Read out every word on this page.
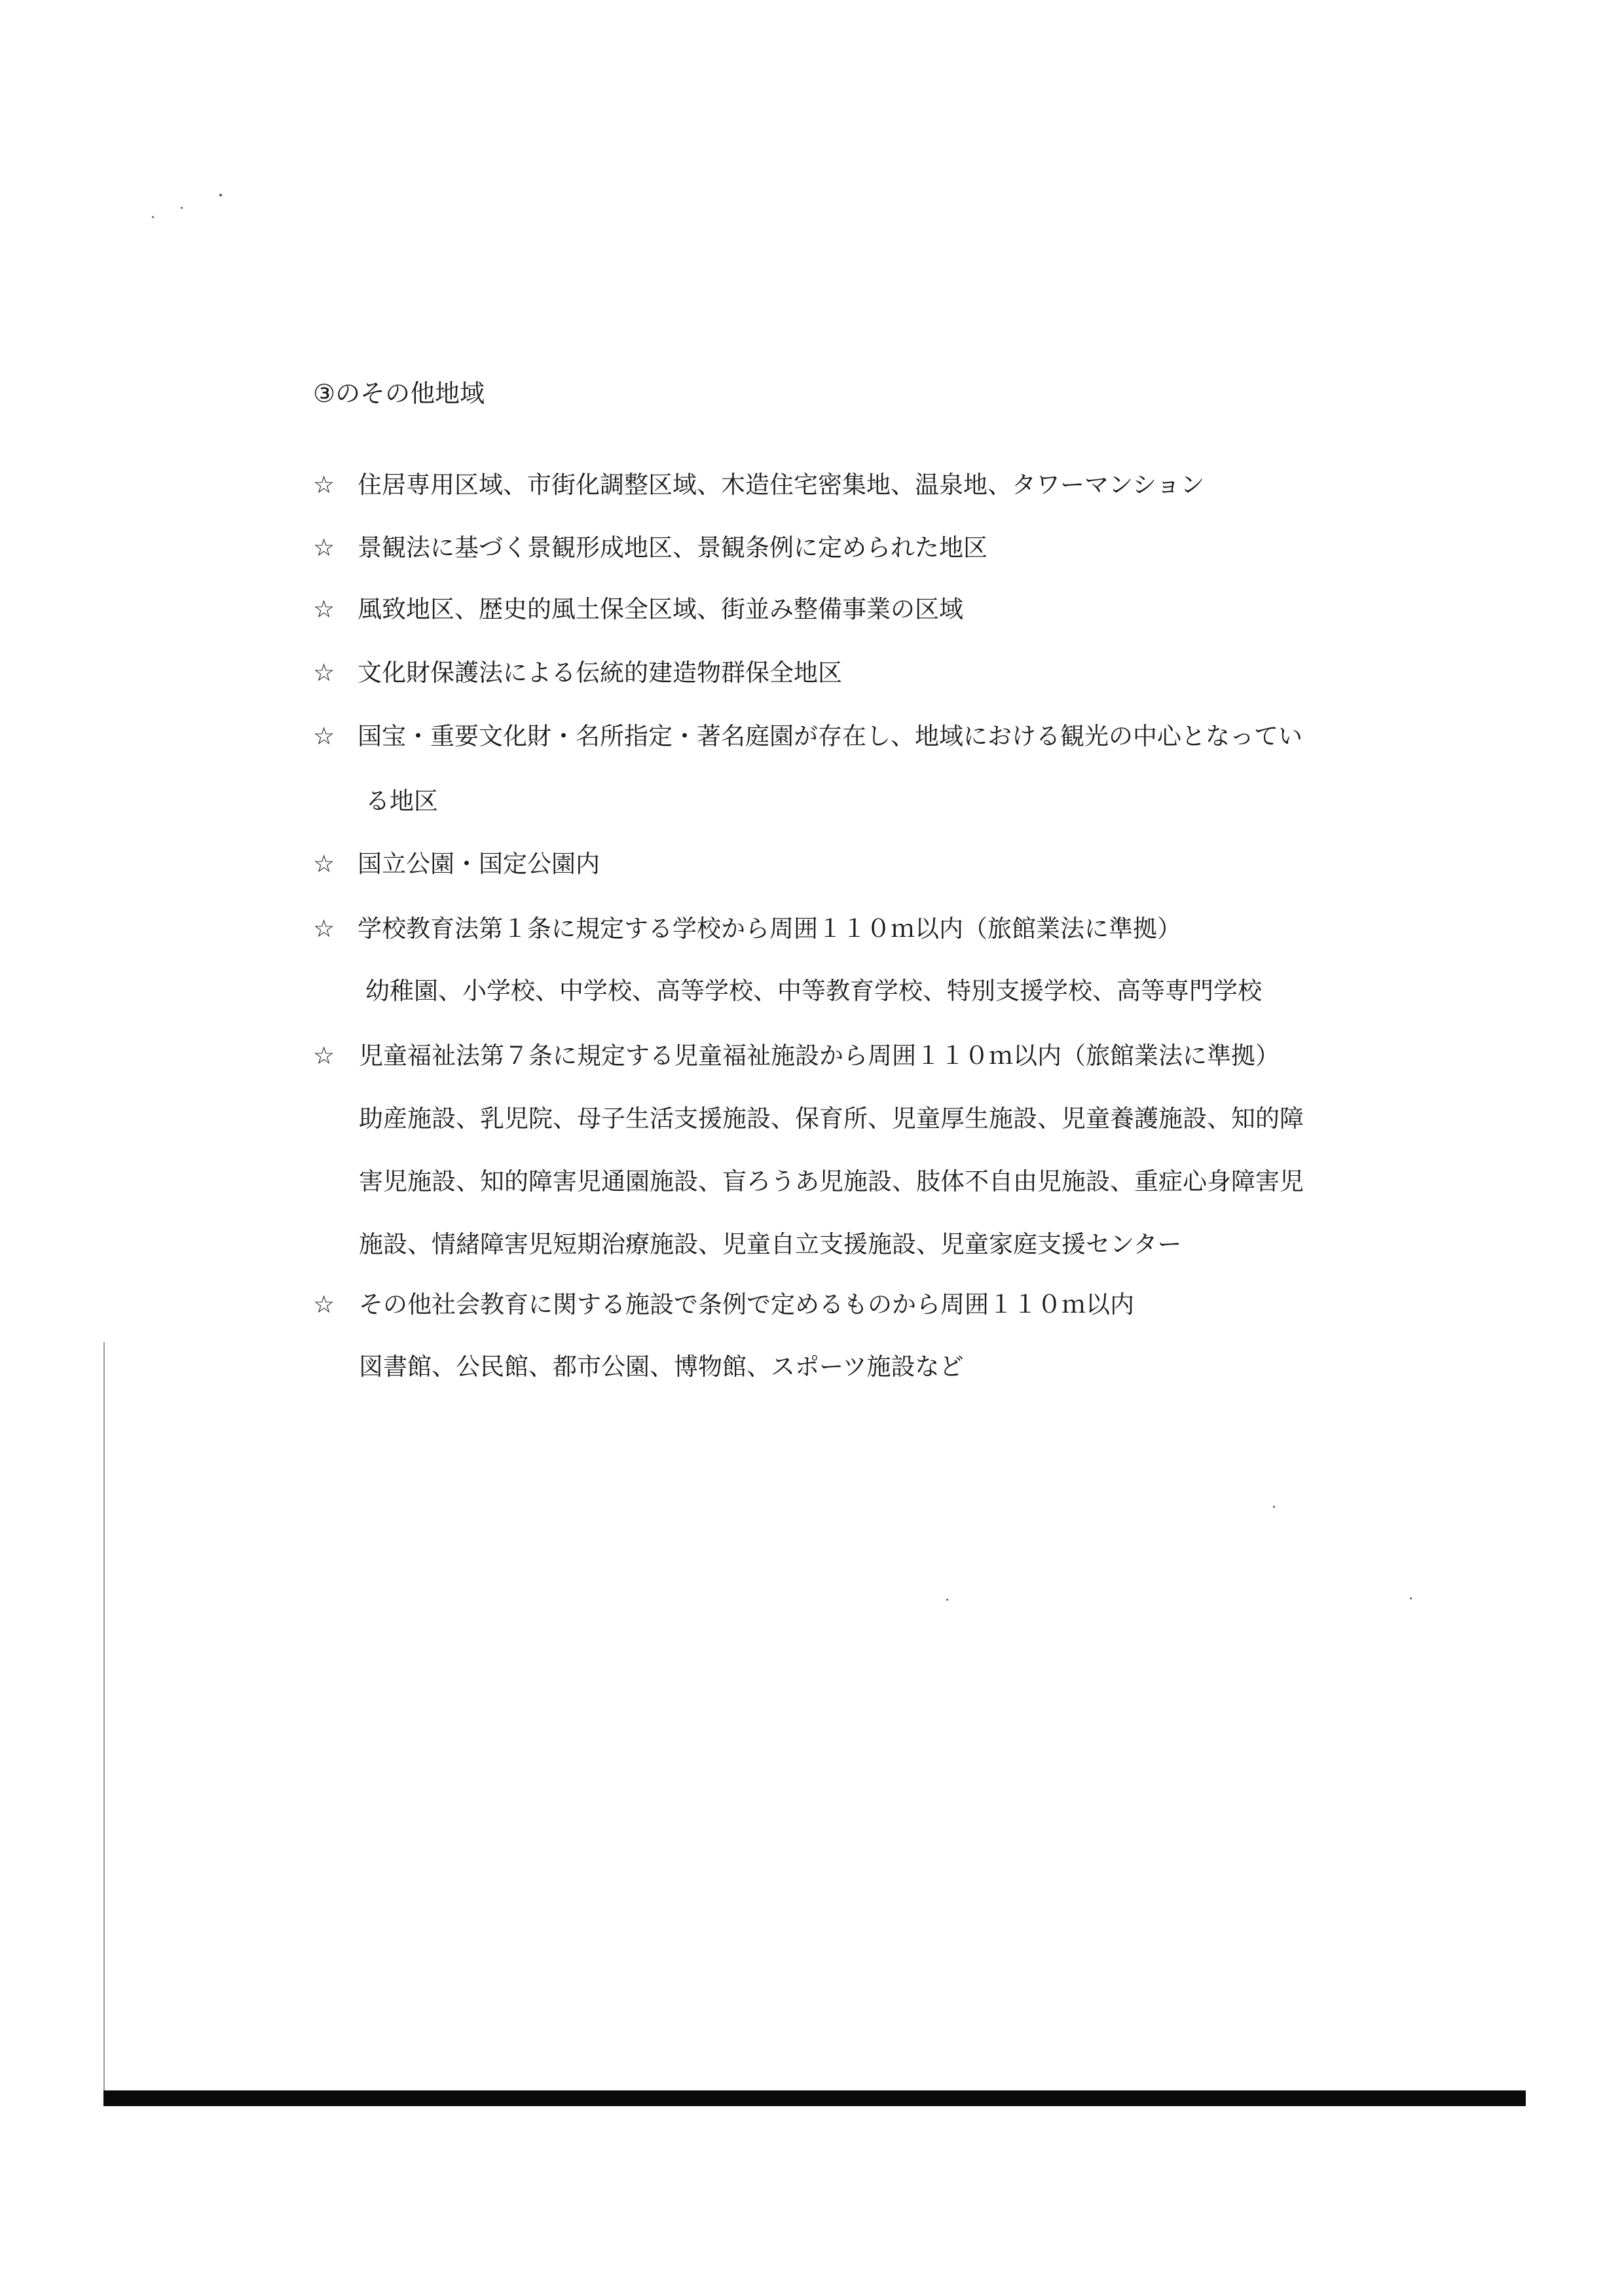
③のその他地域
☆ 住居専用区域、市街化調整区域、木造住宅密集地、温泉地、タワーマンション
☆ 景観法に基づく景観形成地区、景観条例に定められた地区
☆ 風致地区、歴史的風土保全区域、街並み整備事業の区域
☆ 文化財保護法による伝統的建造物群保全地区
☆ 国宝・重要文化財・名所指定・著名庭園が存在し、地域における観光の中心となってい
る地区
☆ 国立公園・国定公園内
☆ 学校教育法第１条に規定する学校から周囲１１０ｍ以内（旅館業法に準拠）
幼稚園、小学校、中学校、高等学校、中等教育学校、特別支援学校、高等専門学校
☆ 児童福祉法第７条に規定する児童福祉施設から周囲１１０ｍ以内（旅館業法に準拠）
助産施設、乳児院、母子生活支援施設、保育所、児童厚生施設、児童養護施設、知的障
害児施設、知的障害児通園施設、盲ろうあ児施設、肢体不自由児施設、重症心身障害児
施設、情緒障害児短期治療施設、児童自立支援施設、児童家庭支援センター
☆ その他社会教育に関する施設で条例で定めるものから周囲１１０ｍ以内
図書館、公民館、都市公園、博物館、スポーツ施設など
